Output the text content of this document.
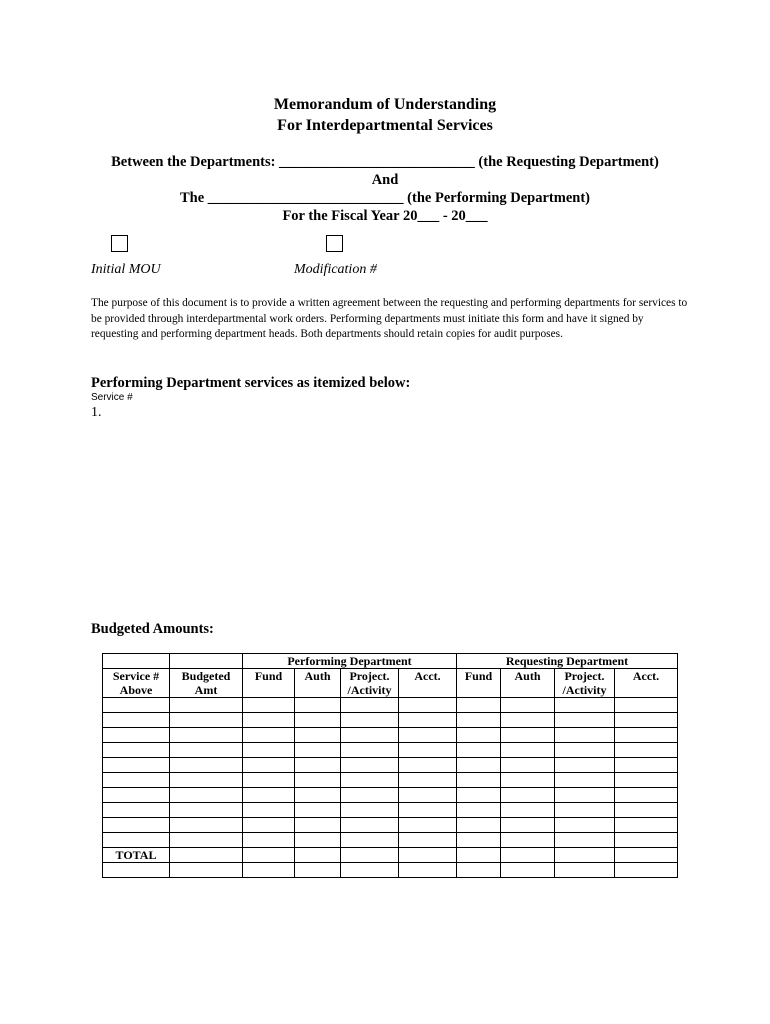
Memorandum of Understanding
For Interdepartmental Services
Between the Departments: ___________________________ (the Requesting Department)
And
The ___________________________ (the Performing Department)
For the Fiscal Year 20___ - 20___
Initial MOU	Modification #
The purpose of this document is to provide a written agreement between the requesting and performing departments for services to be provided through interdepartmental work orders. Performing departments must initiate this form and have it signed by requesting and performing department heads. Both departments should retain copies for audit purposes.
Performing Department services as itemized below:
Service #
1.
Budgeted Amounts:
		Performing Department				Requesting Department			
Service # Above	Budgeted Amt	Fund	Auth	Project. /Activity	Acct.	Fund	Auth	Project. /Activity	Acct.

TOTAL									
